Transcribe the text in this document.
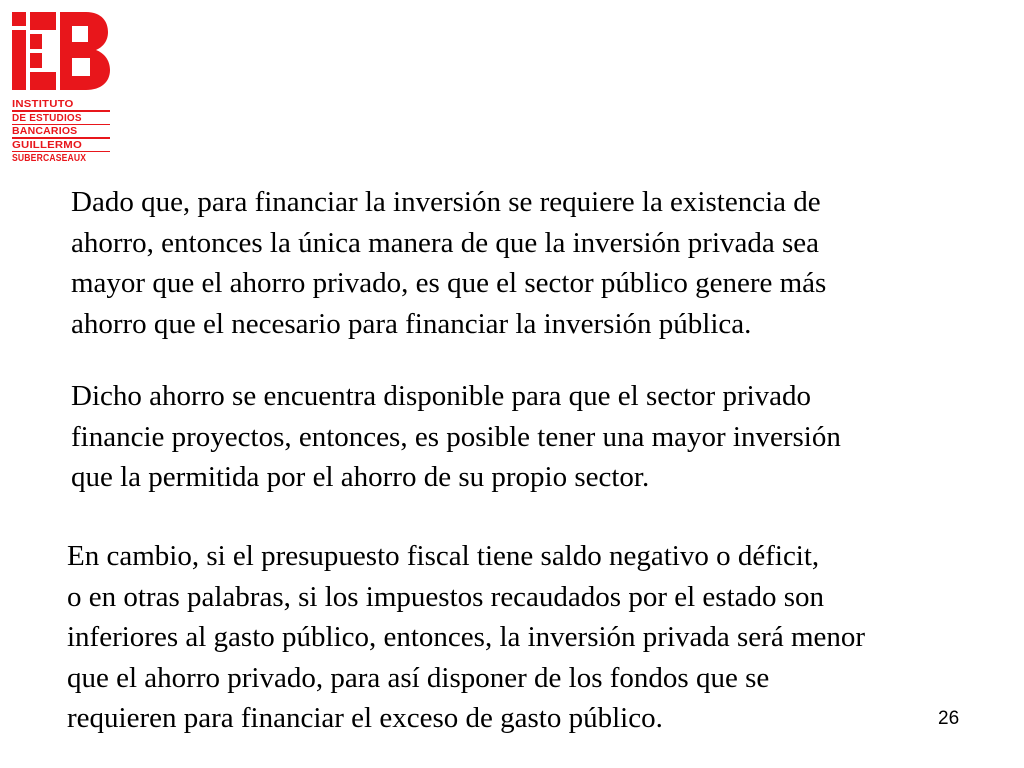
INSTITUTO
DE ESTUDIOS
BANCARIOS
GUILLERMO
SUBERCASEAUX

Dado que, para financiar la inversión se requiere la existencia de
ahorro, entonces la única manera de que la inversión privada sea
mayor que el ahorro privado, es que el sector público genere más
ahorro que el necesario para financiar la inversión pública.

Dicho ahorro se encuentra disponible para que el sector privado
financie proyectos, entonces, es posible tener una mayor inversión
que la permitida por el ahorro de su propio sector.

En cambio, si el presupuesto fiscal tiene saldo negativo o déficit,
o en otras palabras, si los impuestos recaudados por el estado son
inferiores al gasto público, entonces, la inversión privada será menor
que el ahorro privado, para así disponer de los fondos que se
requieren para financiar el exceso de gasto público.	26
